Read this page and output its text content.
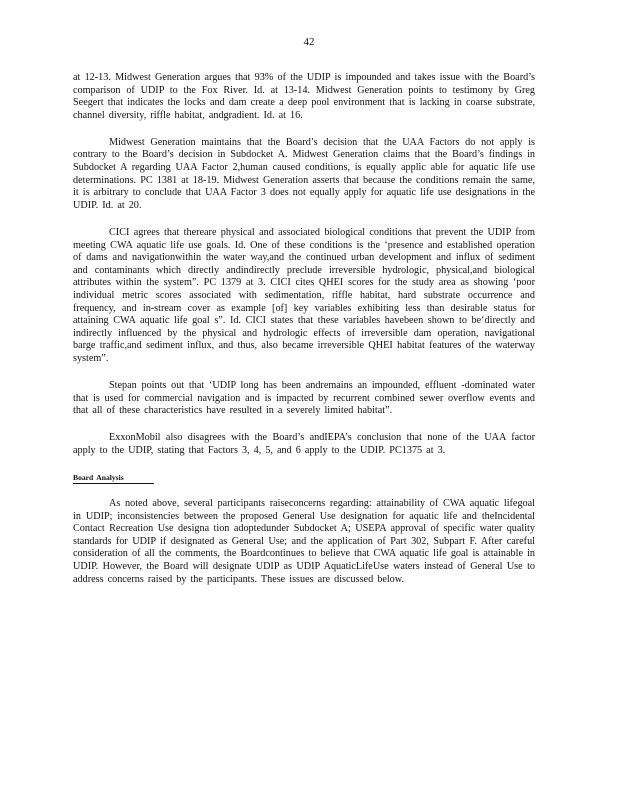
42

at 12-13. Midwest Generation argues that 93% of the UDIP is impounded and takes issue with the Board’s comparison of UDIP to the Fox River. Id. at 13-14. Midwest Generation points to testimony by Greg Seegert that indicates the locks and dam create a deep pool environment that is lacking in coarse substrate, channel diversity, riffle habitat, andgradient. Id. at 16.

Midwest Generation maintains that the Board’s decision that the UAA Factors do not apply is contrary to the Board’s decision in Subdocket A. Midwest Generation claims that the Board’s findings in Subdocket A regarding UAA Factor 2,human caused conditions, is equally applic able for aquatic life use determinations. PC 1381 at 18-19. Midwest Generation asserts that because the conditions remain the same, it is arbitrary to conclude that UAA Factor 3 does not equally apply for aquatic life use designations in the UDIP. Id. at 20.

CICI agrees that thereare physical and associated biological conditions that prevent the UDIP from meeting CWA aquatic life use goals. Id. One of these conditions is the ‘presence and established operation of dams and navigationwithin the water way,and the continued urban development and influx of sediment and contaminants which directly andindirectly preclude irreversible hydrologic, physical,and biological attributes within the system”. PC 1379 at 3. CICI cites QHEI scores for the study area as showing ‘poor individual metric scores associated with sedimentation, riffle habitat, hard substrate occurrence and frequency, and in-stream cover as example [of] key variables exhibiting less than desirable status for attaining CWA aquatic life goal s”. Id. CICI states that these variables havebeen shown to be‘directly and indirectly influenced by the physical and hydrologic effects of irreversible dam operation, navigational barge traffic,and sediment influx, and thus, also became irreversible QHEI habitat features of the waterway system”.

Stepan points out that ‘UDIP long has been andremains an impounded, effluent -dominated water that is used for commercial navigation and is impacted by recurrent combined sewer overflow events and that all of these characteristics have resulted in a severely limited habitat”.

ExxonMobil also disagrees with the Board’s andIEPA’s conclusion that none of the UAA factor apply to the UDIP, stating that Factors 3, 4, 5, and 6 apply to the UDIP. PC1375 at 3.

Board Analysis

As noted above, several participants raiseconcerns regarding: attainability of CWA aquatic lifegoal in UDIP; inconsistencies between the proposed General Use designation for aquatic life and theIncidental Contact Recreation Use designa tion adoptedunder Subdocket A; USEPA approval of specific water quality standards for UDIP if designated as General Use; and the application of Part 302, Subpart F. After careful consideration of all the comments, the Boardcontinues to believe that CWA aquatic life goal is attainable in UDIP. However, the Board will designate UDIP as UDIP AquaticLifeUse waters instead of General Use to address concerns raised by the participants. These issues are discussed below.
